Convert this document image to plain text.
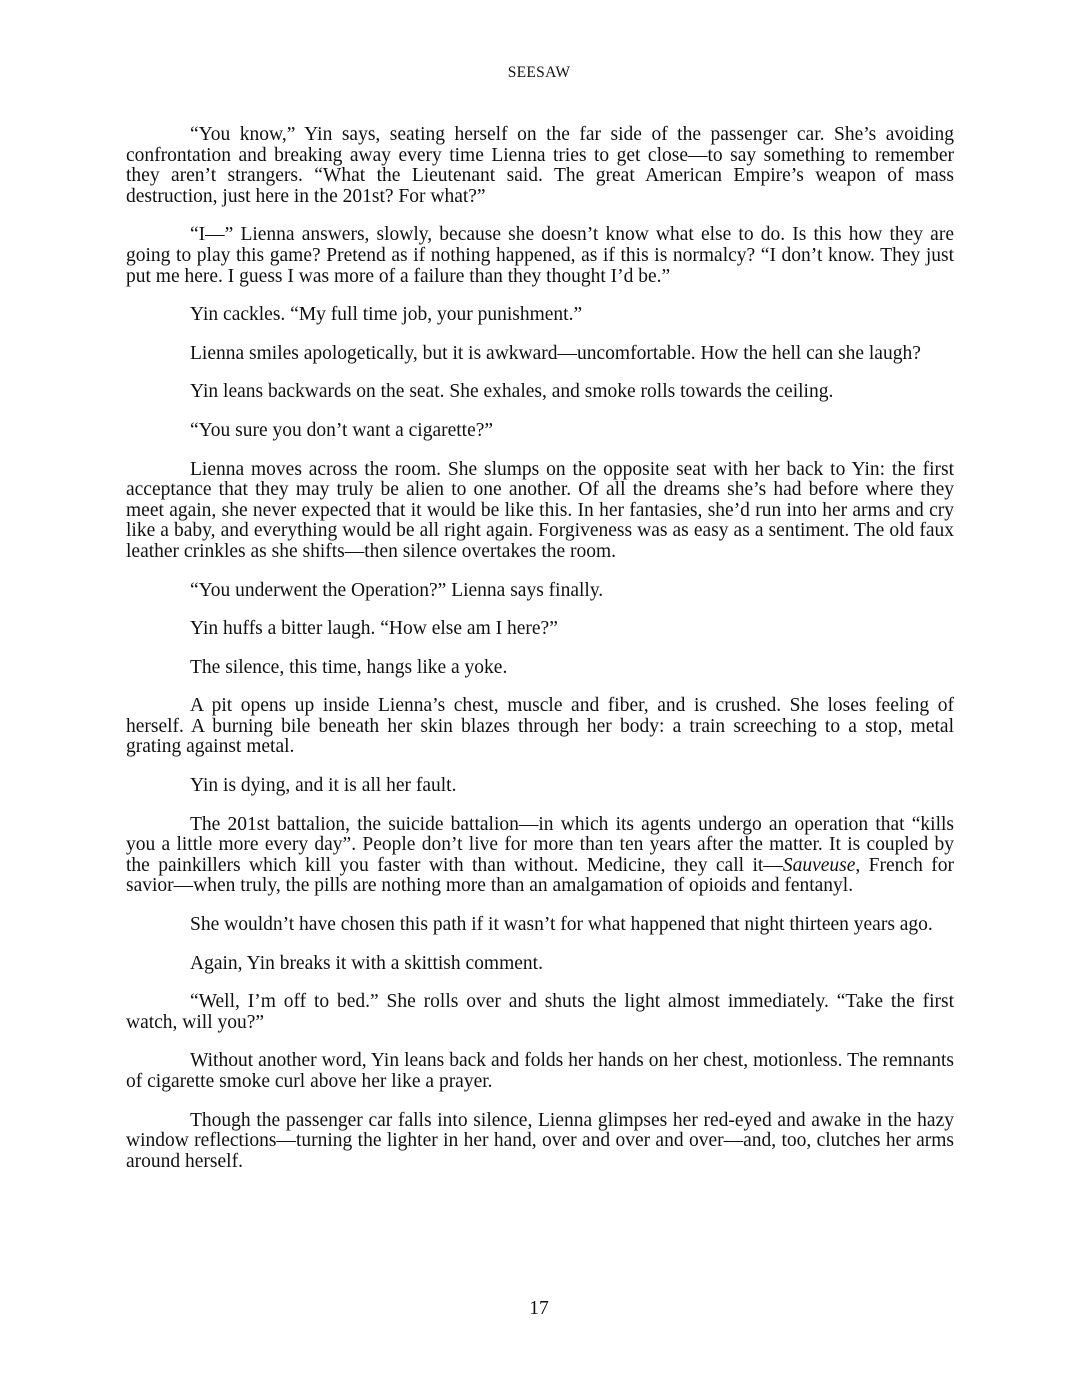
SEESAW

“You know,” Yin says, seating herself on the far side of the passenger car. She’s avoiding confrontation and breaking away every time Lienna tries to get close—to say something to remember they aren’t strangers. “What the Lieutenant said. The great American Empire’s weapon of mass destruction, just here in the 201st? For what?”

“I—” Lienna answers, slowly, because she doesn’t know what else to do. Is this how they are going to play this game? Pretend as if nothing happened, as if this is normalcy? “I don’t know. They just put me here. I guess I was more of a failure than they thought I’d be.”

Yin cackles. “My full time job, your punishment.”

Lienna smiles apologetically, but it is awkward—uncomfortable. How the hell can she laugh?

Yin leans backwards on the seat. She exhales, and smoke rolls towards the ceiling.

“You sure you don’t want a cigarette?”

Lienna moves across the room. She slumps on the opposite seat with her back to Yin: the first acceptance that they may truly be alien to one another. Of all the dreams she’s had before where they meet again, she never expected that it would be like this. In her fantasies, she’d run into her arms and cry like a baby, and everything would be all right again. Forgiveness was as easy as a sentiment. The old faux leather crinkles as she shifts—then silence overtakes the room.

“You underwent the Operation?” Lienna says finally.

Yin huffs a bitter laugh. “How else am I here?”

The silence, this time, hangs like a yoke.

A pit opens up inside Lienna’s chest, muscle and fiber, and is crushed. She loses feeling of herself. A burning bile beneath her skin blazes through her body: a train screeching to a stop, metal grating against metal.

Yin is dying, and it is all her fault.

The 201st battalion, the suicide battalion—in which its agents undergo an operation that “kills you a little more every day”. People don’t live for more than ten years after the matter. It is coupled by the painkillers which kill you faster with than without. Medicine, they call it—Sauveuse, French for savior—when truly, the pills are nothing more than an amalgamation of opioids and fentanyl.

She wouldn’t have chosen this path if it wasn’t for what happened that night thirteen years ago.

Again, Yin breaks it with a skittish comment.

“Well, I’m off to bed.” She rolls over and shuts the light almost immediately. “Take the first watch, will you?”

Without another word, Yin leans back and folds her hands on her chest, motionless. The remnants of cigarette smoke curl above her like a prayer.

Though the passenger car falls into silence, Lienna glimpses her red-eyed and awake in the hazy window reflections—turning the lighter in her hand, over and over and over—and, too, clutches her arms around herself.

17
